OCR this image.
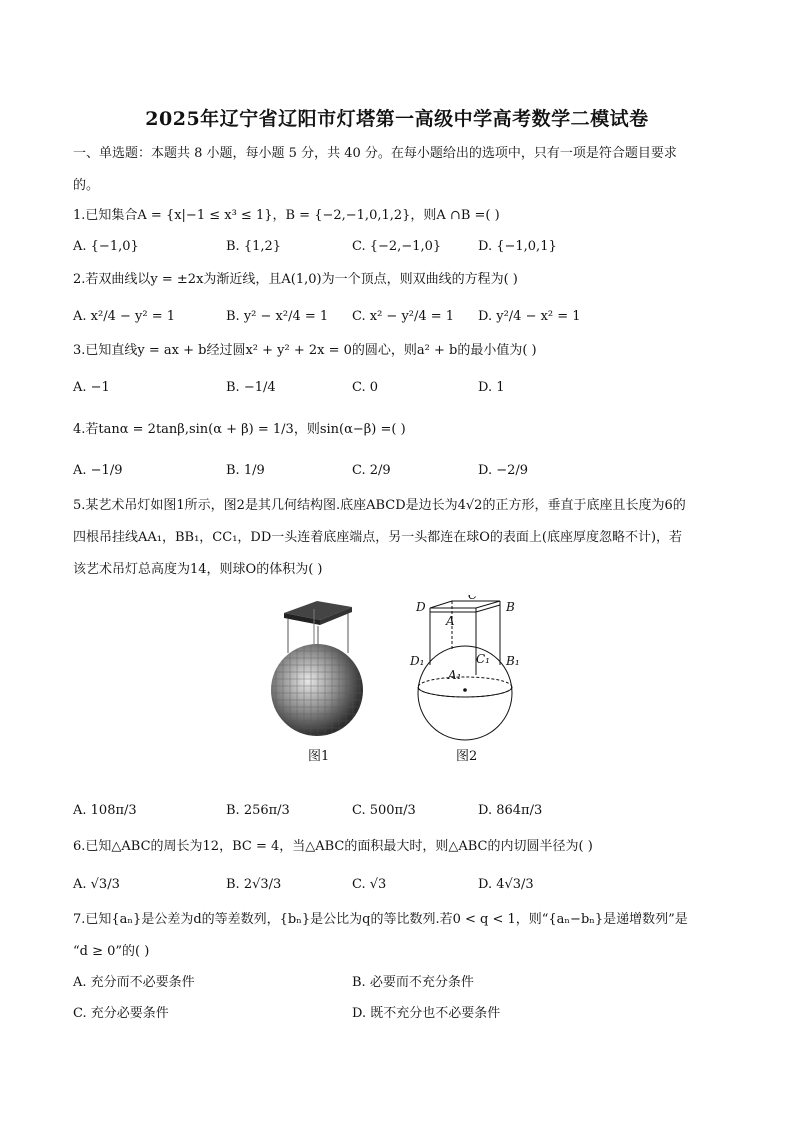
2025年辽宁省辽阳市灯塔第一高级中学高考数学二模试卷
一、单选题：本题共 8 小题，每小题 5 分，共 40 分。在每小题给出的选项中，只有一项是符合题目要求
的。
1.已知集合A = {x|−1 ≤ x³ ≤ 1}，B = {−2,−1,0,1,2}，则A ∩B =( )
A. {−1,0}	B. {1,2}	C. {−2,−1,0}	D. {−1,0,1}
2.若双曲线以y = ±2x为渐近线，且A(1,0)为一个顶点，则双曲线的方程为( )
A. x²/4 − y² = 1	B. y² − x²/4 = 1 C. x² − y²/4 = 1 D. y²/4 − x² = 1
3.已知直线y = ax + b经过圆x² + y² + 2x = 0的圆心，则a² + b的最小值为( )
A. −1	B. −1/4	C. 0	D. 1
4.若tanα = 2tanβ,sin(α + β) = 1/3，则sin(α−β) =( )
A. −1/9	B. 1/9	C. 2/9	D. −2/9
5.某艺术吊灯如图1所示，图2是其几何结构图.底座ABCD是边长为4√2的正方形，垂直于底座且长度为6的
四根吊挂线AA₁，BB₁，CC₁，DD一头连着底座端点，另一头都连在球O的表面上(底座厚度忽略不计)，若
该艺术吊灯总高度为14，则球O的体积为( )
D
C
B
A
D₁	C₁ B₁
A₁
图1	图2
A. 108π/3	B. 256π/3	C. 500π/3	D. 864π/3
6.已知△ABC的周长为12，BC = 4，当△ABC的面积最大时，则△ABC的内切圆半径为( )
A. √3/3	B. 2√3/3	C. √3	D. 4√3/3
7.已知{aₙ}是公差为d的等差数列，{bₙ}是公比为q的等比数列.若0 < q < 1，则“{aₙ−bₙ}是递增数列”是
“d ≥ 0”的( )
A. 充分而不必要条件	B. 必要而不充分条件
C. 充分必要条件	D. 既不充分也不必要条件
